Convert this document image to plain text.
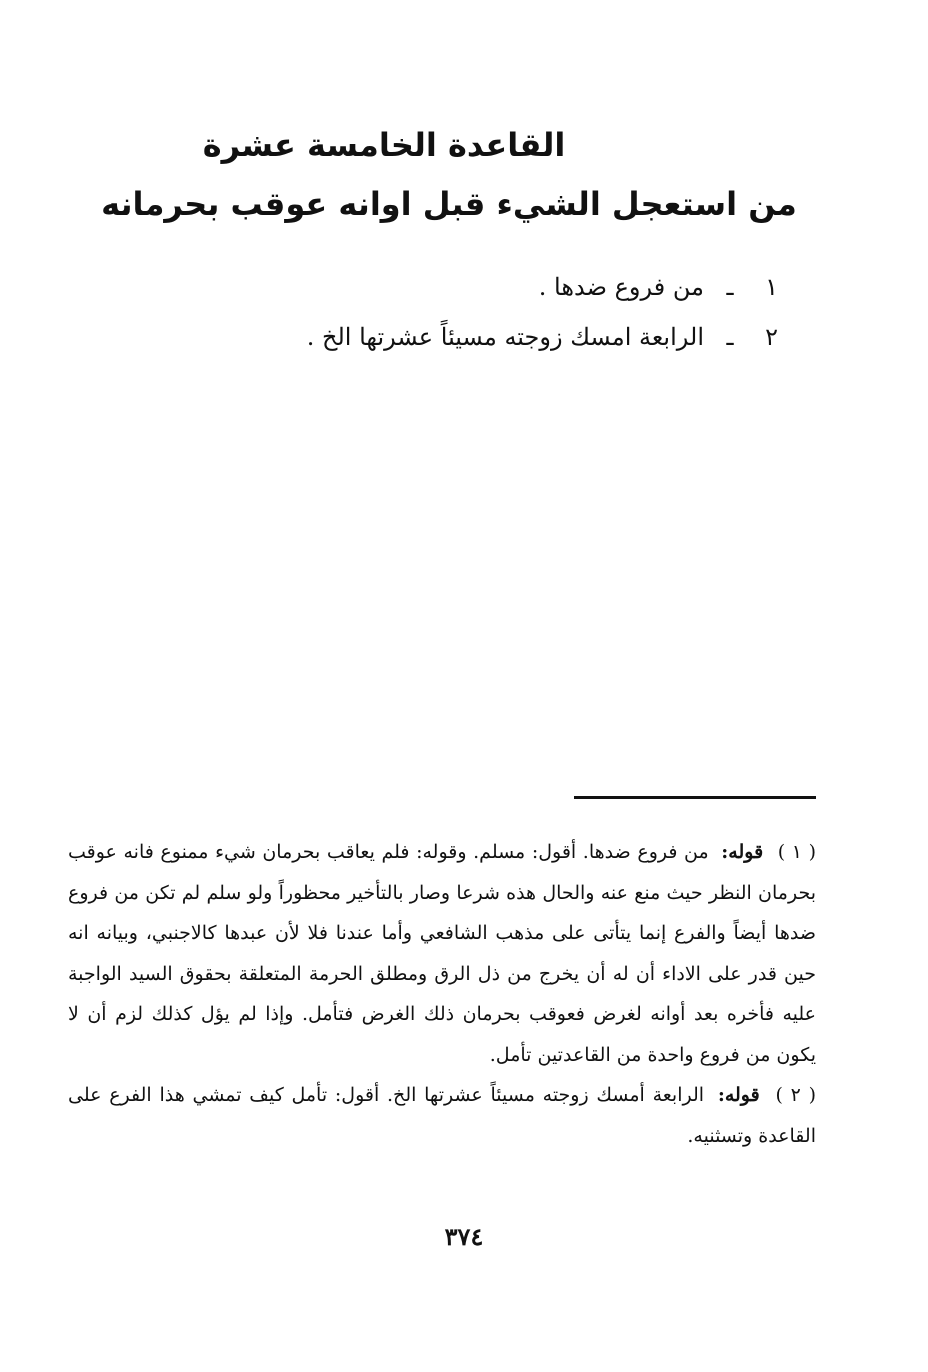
القاعدة الخامسة عشرة
من استعجل الشيء قبل اوانه عوقب بحرمانه
١
ـ
من فروع ضدها .
٢
ـ
الرابعة امسك زوجته مسيئاً عشرتها الخ .

( ١ ) قوله: من فروع ضدها. أقول: مسلم. وقوله: فلم يعاقب بحرمان شيء ممنوع فانه عوقب بحرمان النظر حيث منع عنه والحال هذه شرعا وصار بالتأخير محظوراً ولو سلم لم تكن من فروع ضدها أيضاً والفرع إنما يتأتى على مذهب الشافعي وأما عندنا فلا لأن عبدها كالاجنبي، وبيانه انه حين قدر على الاداء أن له أن يخرج من ذل الرق ومطلق الحرمة المتعلقة بحقوق السيد الواجبة عليه فأخره بعد أوانه لغرض فعوقب بحرمان ذلك الغرض فتأمل. وإذا لم يؤل كذلك لزم أن لا يكون من فروع واحدة من القاعدتين تأمل.

( ٢ ) قوله: الرابعة أمسك زوجته مسيئاً عشرتها الخ. أقول: تأمل كيف تمشي هذا الفرع على القاعدة وتسثنيه.

٣٧٤
